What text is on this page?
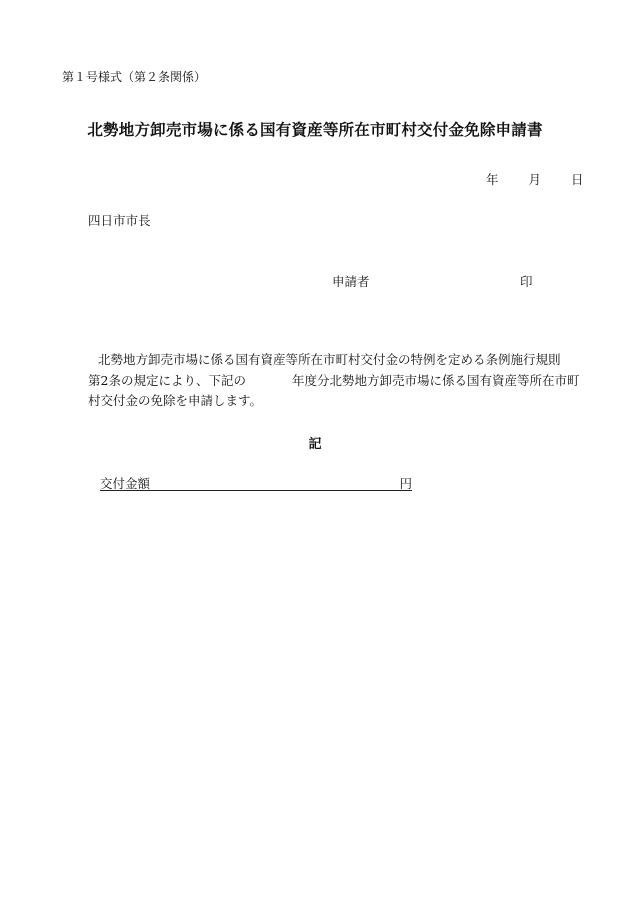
第１号様式（第２条関係）
北勢地方卸売市場に係る国有資産等所在市町村交付金免除申請書
年 月 日
四日市市長
申請者	印
北勢地方卸売市場に係る国有資産等所在市町村交付金の特例を定める条例施行規則
第2条の規定により、下記の	年度分北勢地方卸売市場に係る国有資産等所在市町
村交付金の免除を申請します。
記
交付金額	円
